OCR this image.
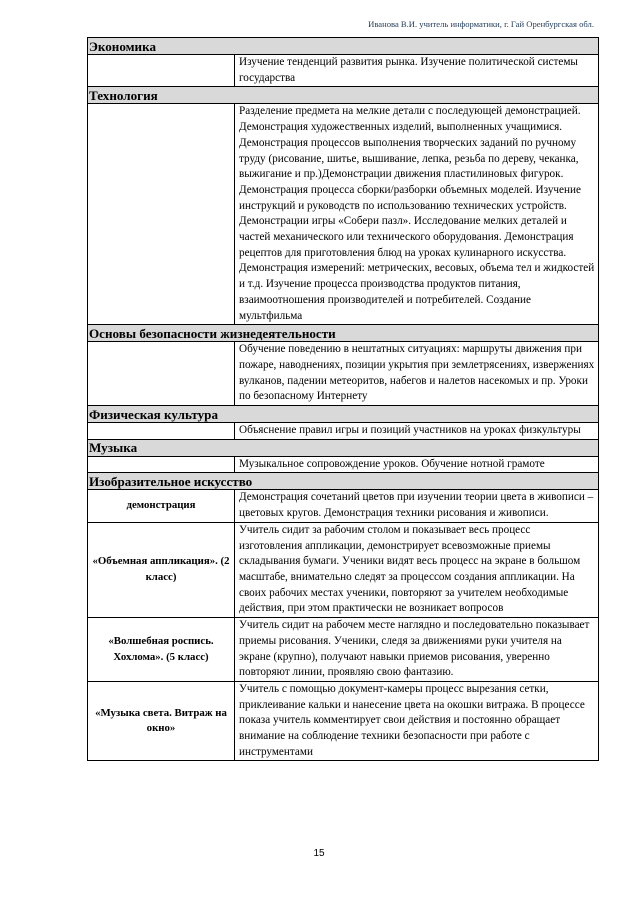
Иванова В.И. учитель информатики, г. Гай Оренбургская обл.
Экономика	
	Изучение тенденций развития рынка. Изучение политической системы государства
Технология	
	Разделение предмета на мелкие детали с последующей демонстрацией. Демонстрация художественных изделий, выполненных учащимися. Демонстрация процессов выполнения творческих заданий по ручному труду (рисование, шитье, вышивание, лепка, резьба по дереву, чеканка, выжигание и пр.)Демонстрации движения пластилиновых фигурок. Демонстрация процесса сборки/разборки объемных моделей. Изучение инструкций и руководств по использованию технических устройств. Демонстрации игры «Собери пазл». Исследование мелких деталей и частей механического или технического оборудования. Демонстрация рецептов для приготовления блюд на уроках кулинарного искусства. Демонстрация измерений: метрических, весовых, объема тел и жидкостей и т.д. Изучение процесса производства продуктов питания, взаимоотношения производителей и потребителей. Создание мультфильма
Основы безопасности жизнедеятельности	
	Обучение поведению в нештатных ситуациях: маршруты движения при пожаре, наводнениях, позиции укрытия при землетрясениях, извержениях вулканов, падении метеоритов, набегов и налетов насекомых и пр. Уроки по безопасному Интернету
Физическая культура	
	Объяснение правил игры и позиций участников на уроках физкультуры
Музыка	
	Музыкальное сопровождение уроков. Обучение нотной грамоте
Изобразительное искусство	
демонстрация	Демонстрация сочетаний цветов при изучении теории цвета в живописи – цветовых кругов. Демонстрация техники рисования и живописи.
«Объемная аппликация». (2 класс)	Учитель сидит за рабочим столом и показывает весь процесс изготовления аппликации, демонстрирует всевозможные приемы складывания бумаги. Ученики видят весь процесс на экране в большом масштабе, внимательно следят за процессом создания аппликации. На своих рабочих местах ученики, повторяют за учителем необходимые действия, при этом практически не возникает вопросов
«Волшебная роспись. Хохлома». (5 класс)	Учитель сидит на рабочем месте наглядно и последовательно показывает приемы рисования. Ученики, следя за движениями руки учителя на экране (крупно), получают навыки приемов рисования, уверенно повторяют линии, проявляю свою фантазию.
«Музыка света. Витраж на окно»	Учитель с помощью документ-камеры процесс вырезания сетки, приклеивание кальки и нанесение цвета на окошки витража. В процессе показа учитель комментирует свои действия и постоянно обращает внимание на соблюдение техники безопасности при работе с инструментами
15
